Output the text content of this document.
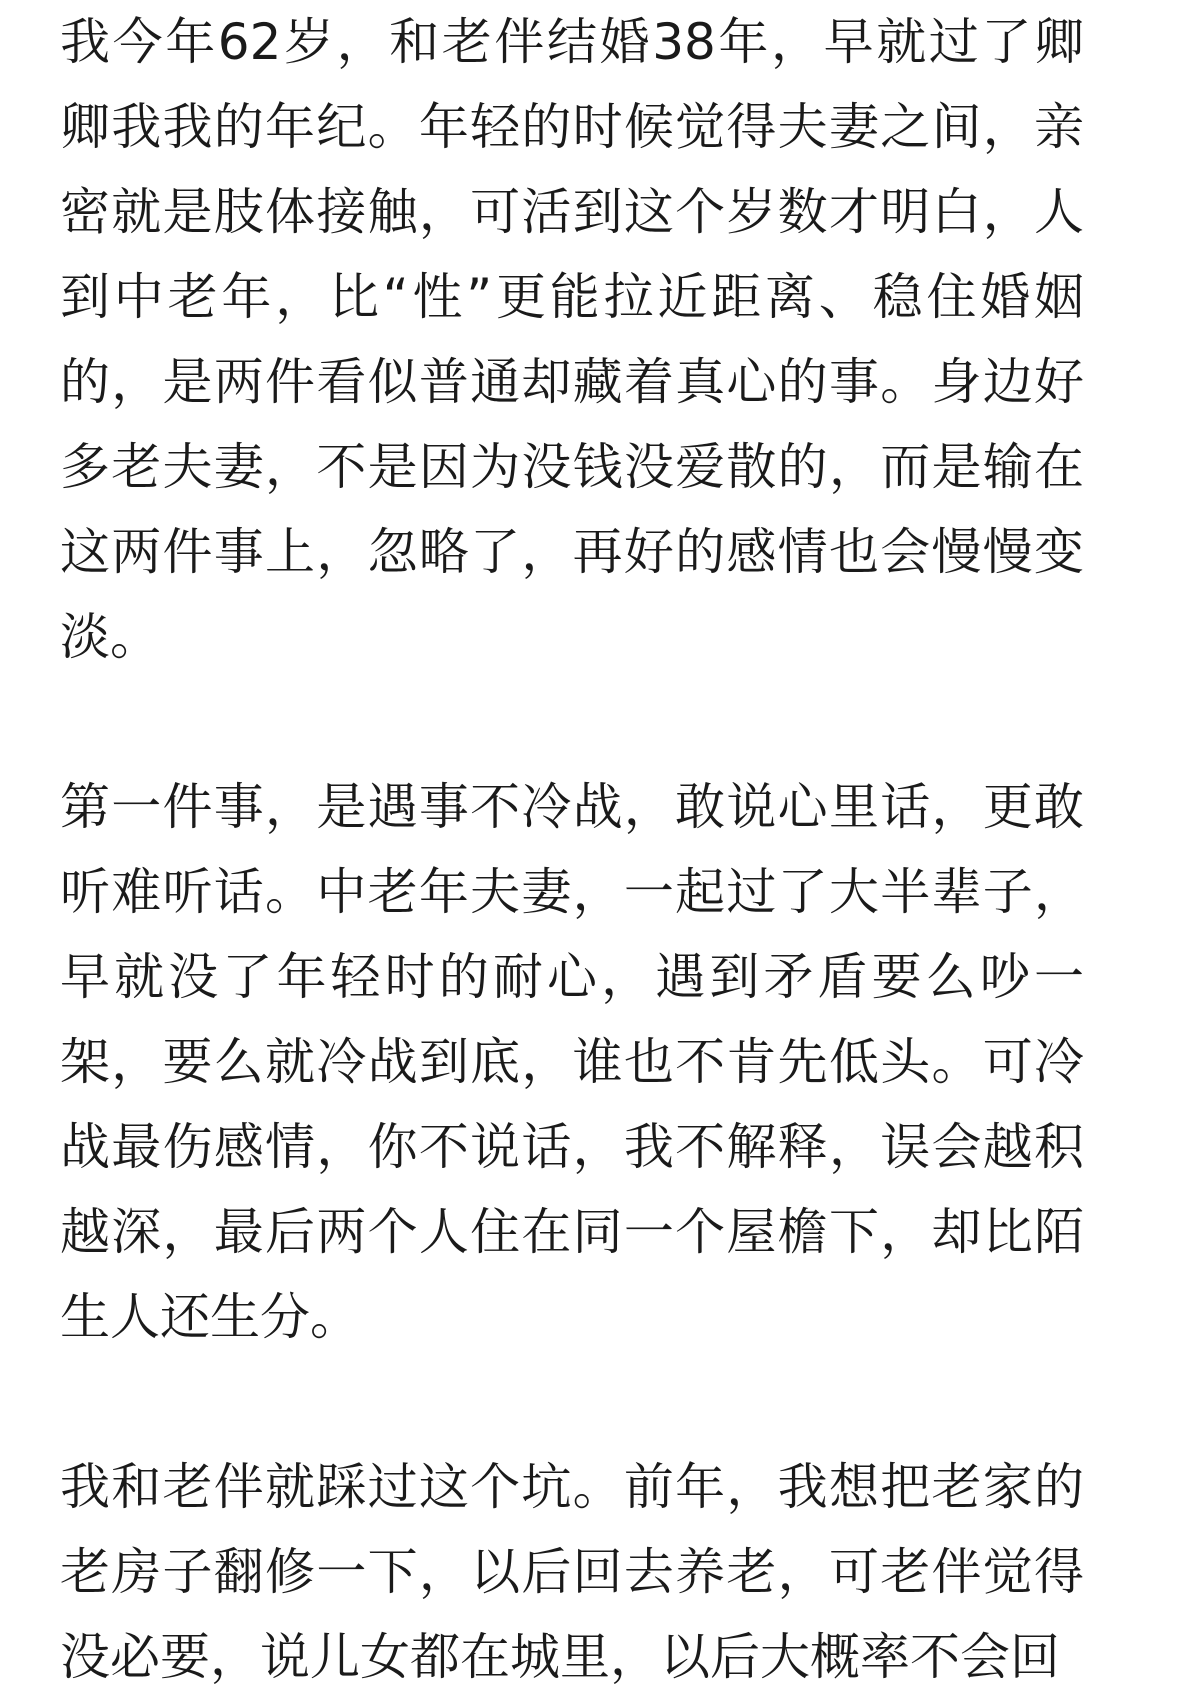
我今年62岁，和老伴结婚38年，早就过了卿卿我我的年纪。年轻的时候觉得夫妻之间，亲密就是肢体接触，可活到这个岁数才明白，人到中老年，比“性”更能拉近距离、稳住婚姻的，是两件看似普通却藏着真心的事。身边好多老夫妻，不是因为没钱没爱散的，而是输在这两件事上，忽略了，再好的感情也会慢慢变淡。

第一件事，是遇事不冷战，敢说心里话，更敢听难听话。中老年夫妻，一起过了大半辈子，早就没了年轻时的耐心，遇到矛盾要么吵一架，要么就冷战到底，谁也不肯先低头。可冷战最伤感情，你不说话，我不解释，误会越积越深，最后两个人住在同一个屋檐下，却比陌生人还生分。

我和老伴就踩过这个坑。前年，我想把老家的老房子翻修一下，以后回去养老，可老伴觉得没必要，说儿女都在城里，以后大概率不会回
